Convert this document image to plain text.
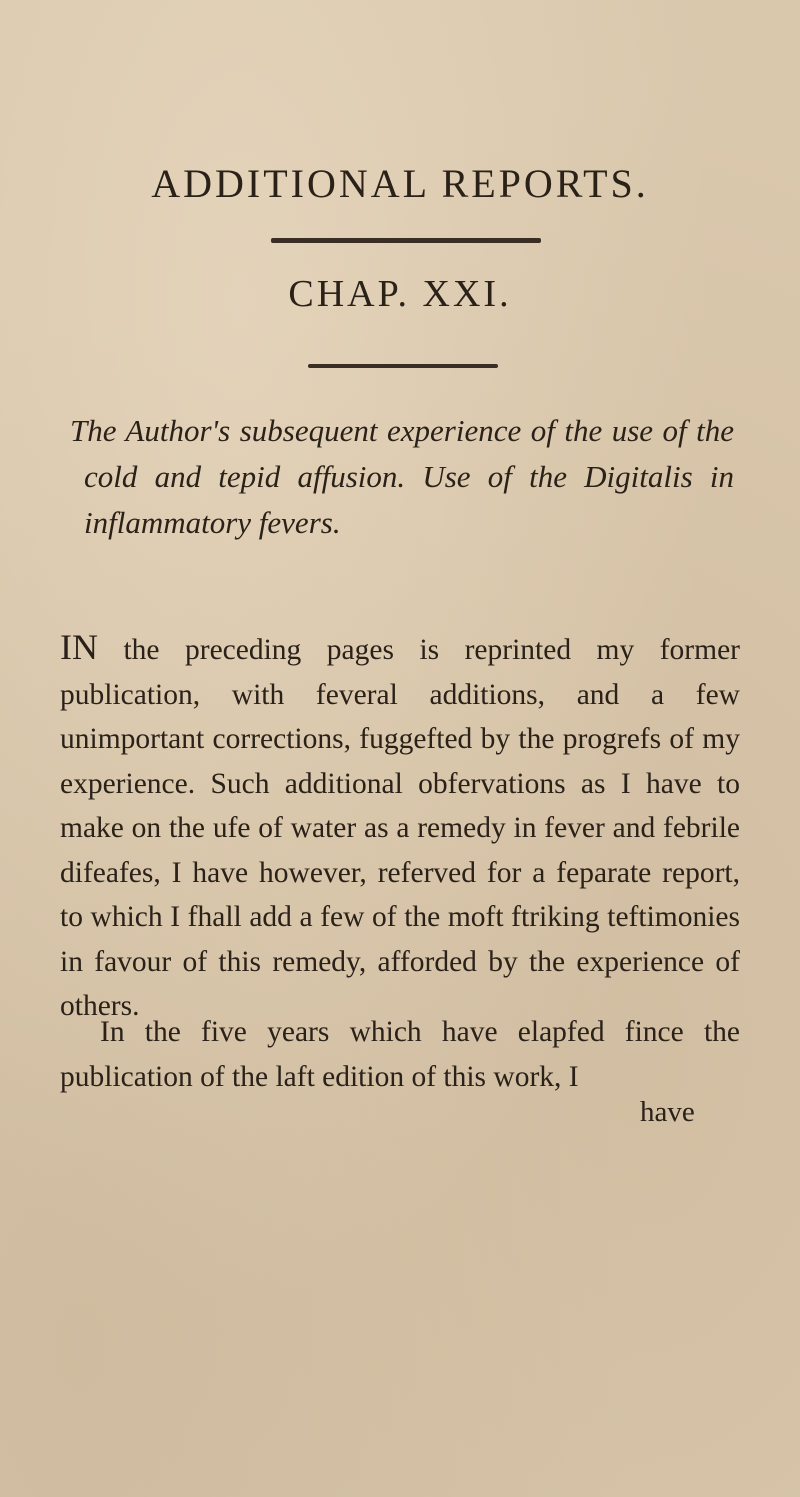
ADDITIONAL REPORTS.
CHAP. XXI.
The Author's subsequent experience of the use of the cold and tepid affusion. Use of the Digitalis in inflammatory fevers.
IN the preceding pages is reprinted my former publication, with feveral additions, and a few unimportant corrections, fuggefted by the progrefs of my experience. Such additional obfervations as I have to make on the ufe of water as a remedy in fever and febrile difeafes, I have however, referved for a feparate report, to which I fhall add a few of the moft ftriking teftimonies in favour of this remedy, afforded by the experience of others.
In the five years which have elapfed fince the publication of the laft edition of this work, I
have
